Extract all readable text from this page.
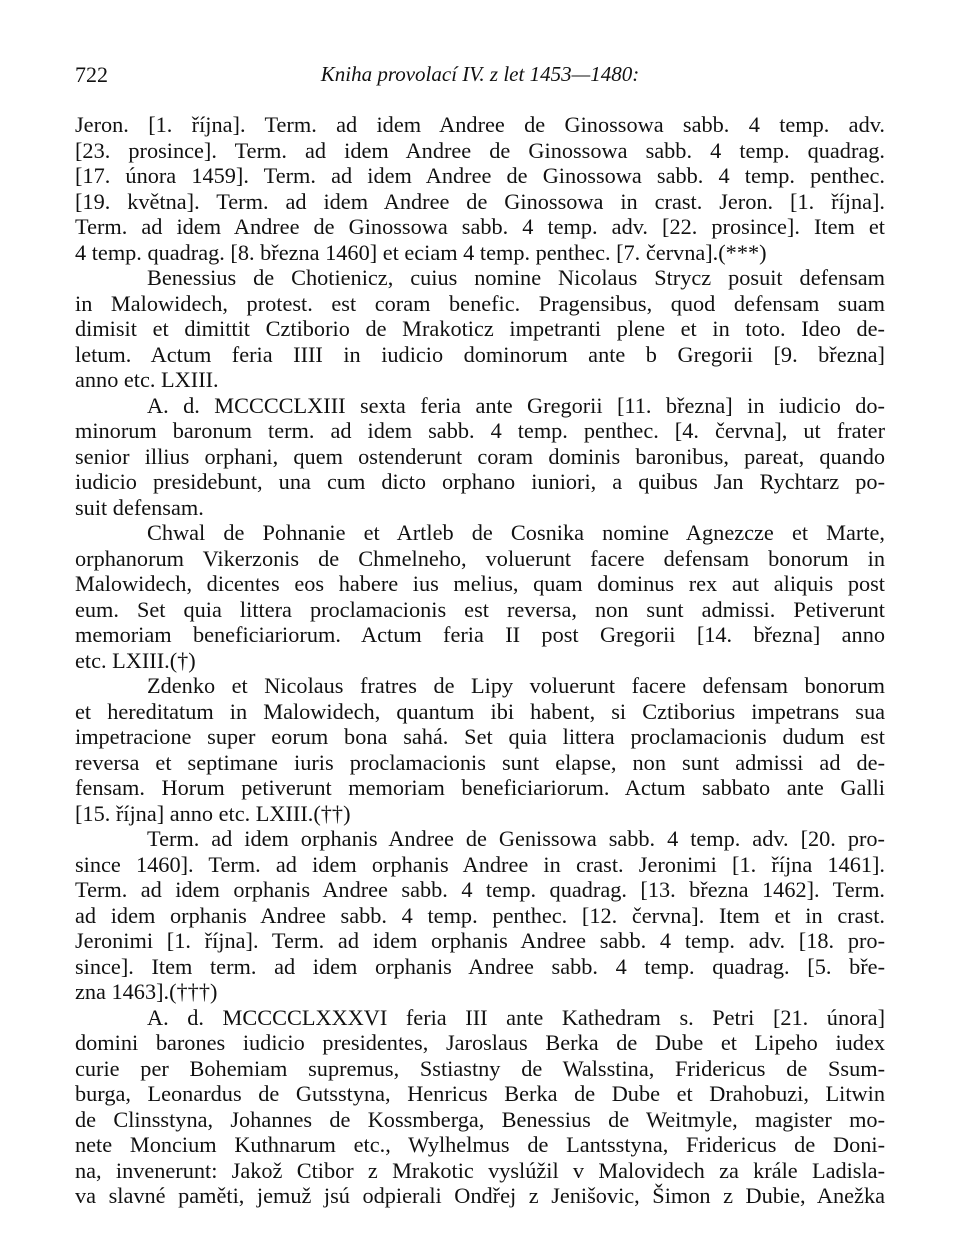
722	Kniha provolací IV. z let 1453—1480:
Jeron. [1. října]. Term. ad idem Andree de Ginossowa sabb. 4 temp. adv.
[23. prosince]. Term. ad idem Andree de Ginossowa sabb. 4 temp. quadrag.
[17. února 1459]. Term. ad idem Andree de Ginossowa sabb. 4 temp. penthec.
[19. května]. Term. ad idem Andree de Ginossowa in crast. Jeron. [1. října].
Term. ad idem Andree de Ginossowa sabb. 4 temp. adv. [22. prosince]. Item et
4 temp. quadrag. [8. března 1460] et eciam 4 temp. penthec. [7. června].(***)
Benessius de Chotienicz, cuius nomine Nicolaus Strycz posuit defensam
in Malowidech, protest. est coram benefic. Pragensibus, quod defensam suam
dimisit et dimittit Cztiborio de Mrakoticz impetranti plene et in toto. Ideo de-
letum. Actum feria IIII in iudicio dominorum ante b Gregorii [9. března]
anno etc. LXIII.
A. d. MCCCCLXIII sexta feria ante Gregorii [11. března] in iudicio do-
minorum baronum term. ad idem sabb. 4 temp. penthec. [4. června], ut frater
senior illius orphani, quem ostenderunt coram dominis baronibus, pareat, quando
iudicio presidebunt, una cum dicto orphano iuniori, a quibus Jan Rychtarz po-
suit defensam.
Chwal de Pohnanie et Artleb de Cosnika nomine Agnezcze et Marte,
orphanorum Vikerzonis de Chmelneho, voluerunt facere defensam bonorum in
Malowidech, dicentes eos habere ius melius, quam dominus rex aut aliquis post
eum. Set quia littera proclamacionis est reversa, non sunt admissi. Petiverunt
memoriam beneficiariorum. Actum feria II post Gregorii [14. března] anno
etc. LXIII.(†)
Zdenko et Nicolaus fratres de Lipy voluerunt facere defensam bonorum
et hereditatum in Malowidech, quantum ibi habent, si Cztiborius impetrans sua
impetracione super eorum bona sahá. Set quia littera proclamacionis dudum est
reversa et septimane iuris proclamacionis sunt elapse, non sunt admissi ad de-
fensam. Horum petiverunt memoriam beneficiariorum. Actum sabbato ante Galli
[15. října] anno etc. LXIII.(††)
Term. ad idem orphanis Andree de Genissowa sabb. 4 temp. adv. [20. pro-
since 1460]. Term. ad idem orphanis Andree in crast. Jeronimi [1. října 1461].
Term. ad idem orphanis Andree sabb. 4 temp. quadrag. [13. března 1462]. Term.
ad idem orphanis Andree sabb. 4 temp. penthec. [12. června]. Item et in crast.
Jeronimi [1. října]. Term. ad idem orphanis Andree sabb. 4 temp. adv. [18. pro-
since]. Item term. ad idem orphanis Andree sabb. 4 temp. quadrag. [5. bře-
zna 1463].(†††)
A. d. MCCCCLXXXVI feria III ante Kathedram s. Petri [21. února]
domini barones iudicio presidentes, Jaroslaus Berka de Dube et Lipeho iudex
curie per Bohemiam supremus, Sstiastny de Walsstina, Fridericus de Ssum-
burga, Leonardus de Gutsstyna, Henricus Berka de Dube et Drahobuzi, Litwin
de Clinsstyna, Johannes de Kossmberga, Benessius de Weitmyle, magister mo-
nete Moncium Kuthnarum etc., Wylhelmus de Lantsstyna, Fridericus de Doni-
na, invenerunt: Jakož Ctibor z Mrakotic vyslúžil v Malovidech za krále Ladisla-
va slavné paměti, jemuž jsú odpierali Ondřej z Jenišovic, Šimon z Dubie, Anežka
